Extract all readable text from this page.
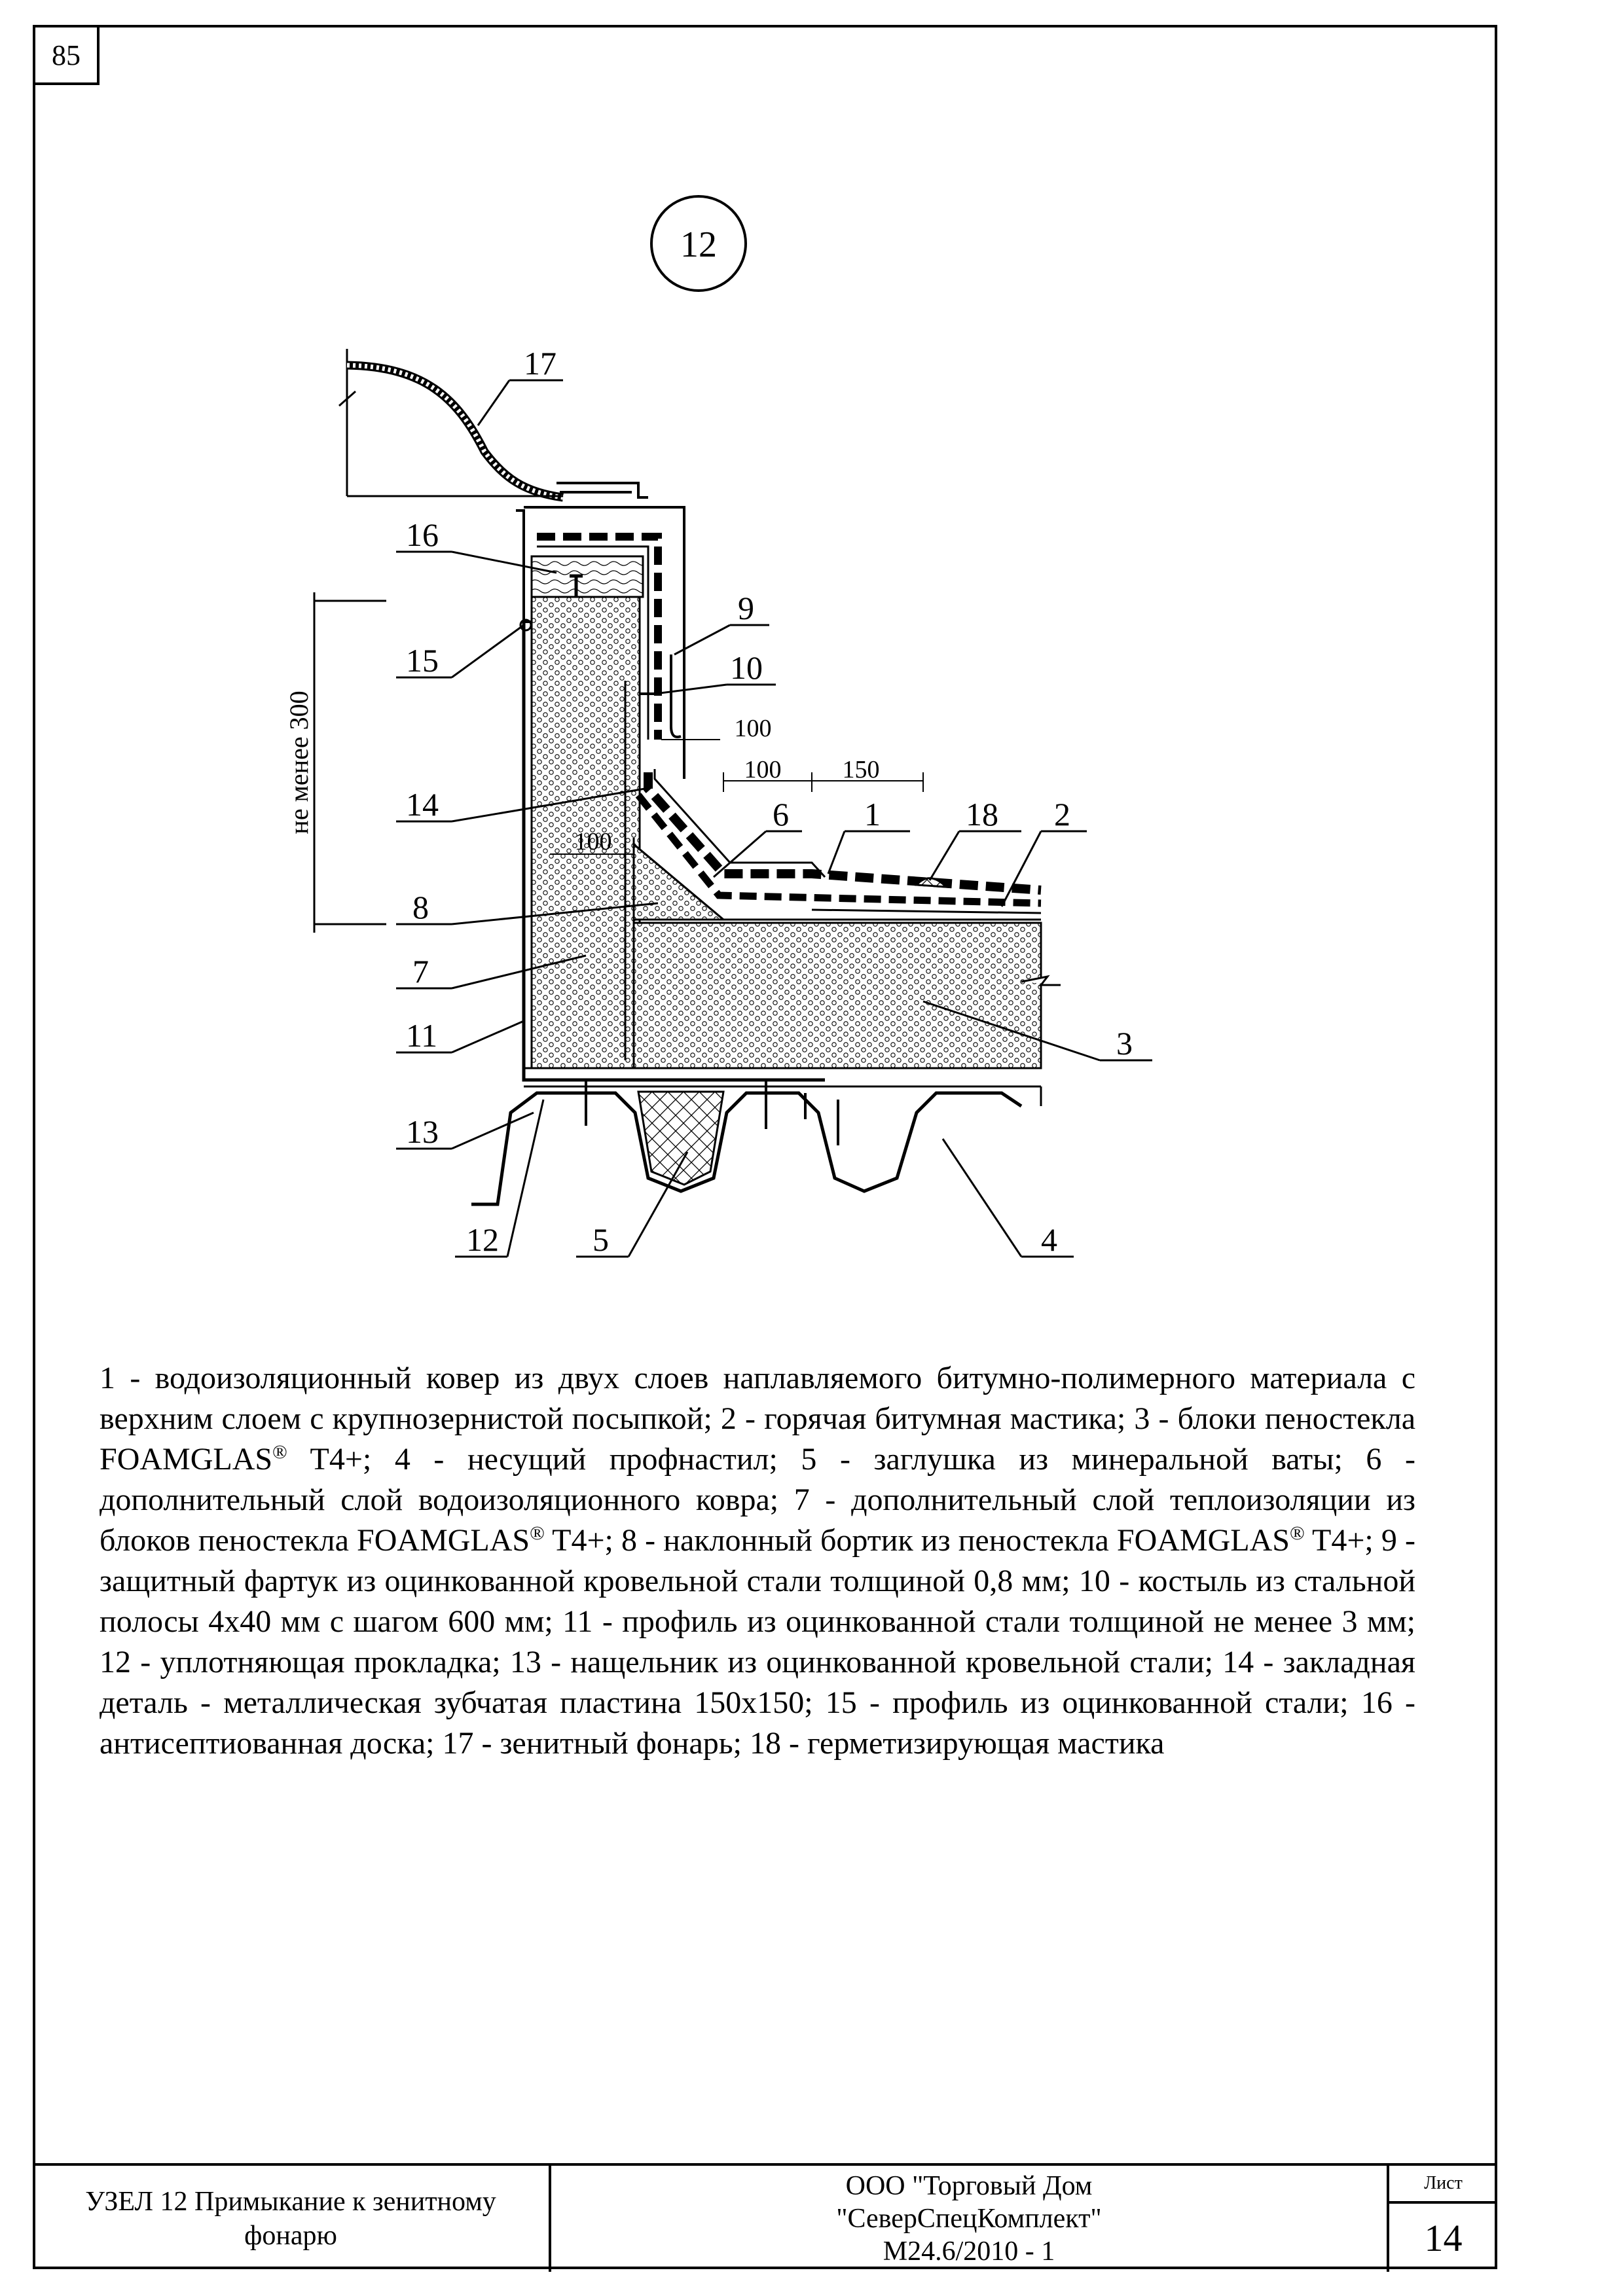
85
12
не менее 300	100
100 150
100
17
16
9
10
15
14	6 1	18 2
8
7
11	3
13
12	5	4
1 - водоизоляционный ковер из двух слоев наплавляемого битумно-полимерного материала с верхним слоем с крупнозернистой посыпкой; 2 - горячая битумная мастика; 3 - блоки пеностекла FOAMGLAS® T4+; 4 - несущий профнастил; 5 - заглушка из минеральной ваты; 6 - дополнительный слой водоизоляционного ковра; 7 - дополнительный слой теплоизоляции из блоков пеностекла FOAMGLAS® T4+; 8 - наклонный бортик из пеностекла FOAMGLAS® T4+; 9 - защитный фартук из оцинкованной кровельной стали толщиной 0,8 мм; 10 - костыль из стальной полосы 4х40 мм с шагом 600 мм; 11 - профиль из оцинкованной стали толщиной не менее 3 мм; 12 - уплотняющая прокладка; 13 - нащельник из оцинкованной кровельной стали; 14 - закладная деталь - металлическая зубчатая пластина 150х150; 15 - профиль из оцинкованной стали; 16 - антисептиованная доска; 17 - зенитный фонарь; 18 - герметизирующая мастика
УЗЕЛ 12 Примыкание к зенитному
фонарю
ООО "Торговый Дом
"СеверСпецКомплект"
М24.6/2010 - 1
Лист
14
